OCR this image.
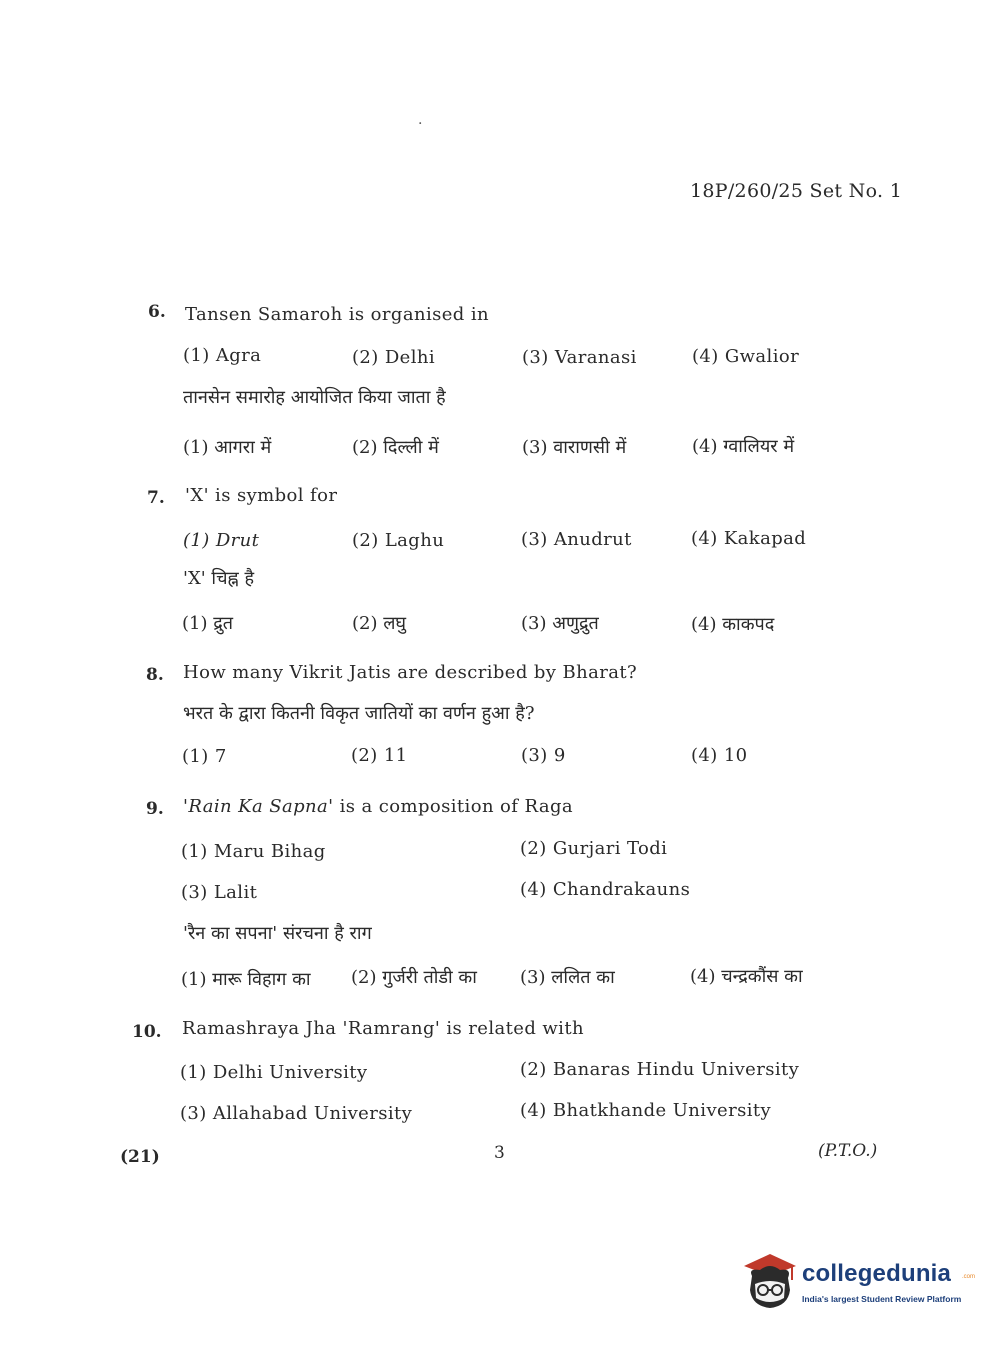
.
18P/260/25 Set No. 1
6. Tansen Samaroh is organised in
(1) Agra	(2) Delhi	(3) Varanasi	(4) Gwalior
तानसेन समारोह आयोजित किया जाता है
(1) आगरा में	(2) दिल्ली में	(3) वाराणसी में	(4) ग्वालियर में
7. 'X' is symbol for
(1) Drut	(2) Laghu	(3) Anudrut	(4) Kakapad
'X' चिह्न है
(1) द्रुत	(2) लघु	(3) अणुद्रुत	(4) काकपद
8. How many Vikrit Jatis are described by Bharat?
भरत के द्वारा कितनी विकृत जातियों का वर्णन हुआ है?
(1) 7	(2) 11	(3) 9	(4) 10
9. 'Rain Ka Sapna' is a composition of Raga
(1) Maru Bihag	(2) Gurjari Todi
(3) Lalit	(4) Chandrakauns
'रैन का सपना' संरचना है राग
(1) मारू विहाग का (2) गुर्जरी तोडी का (3) ललित का	(4) चन्द्रकौंस का
10. Ramashraya Jha 'Ramrang' is related with
(1) Delhi University	(2) Banaras Hindu University
(3) Allahabad University	(4) Bhatkhande University
(21)	3	(P.T.O.)
collegedunia .com
India's largest Student Review Platform
